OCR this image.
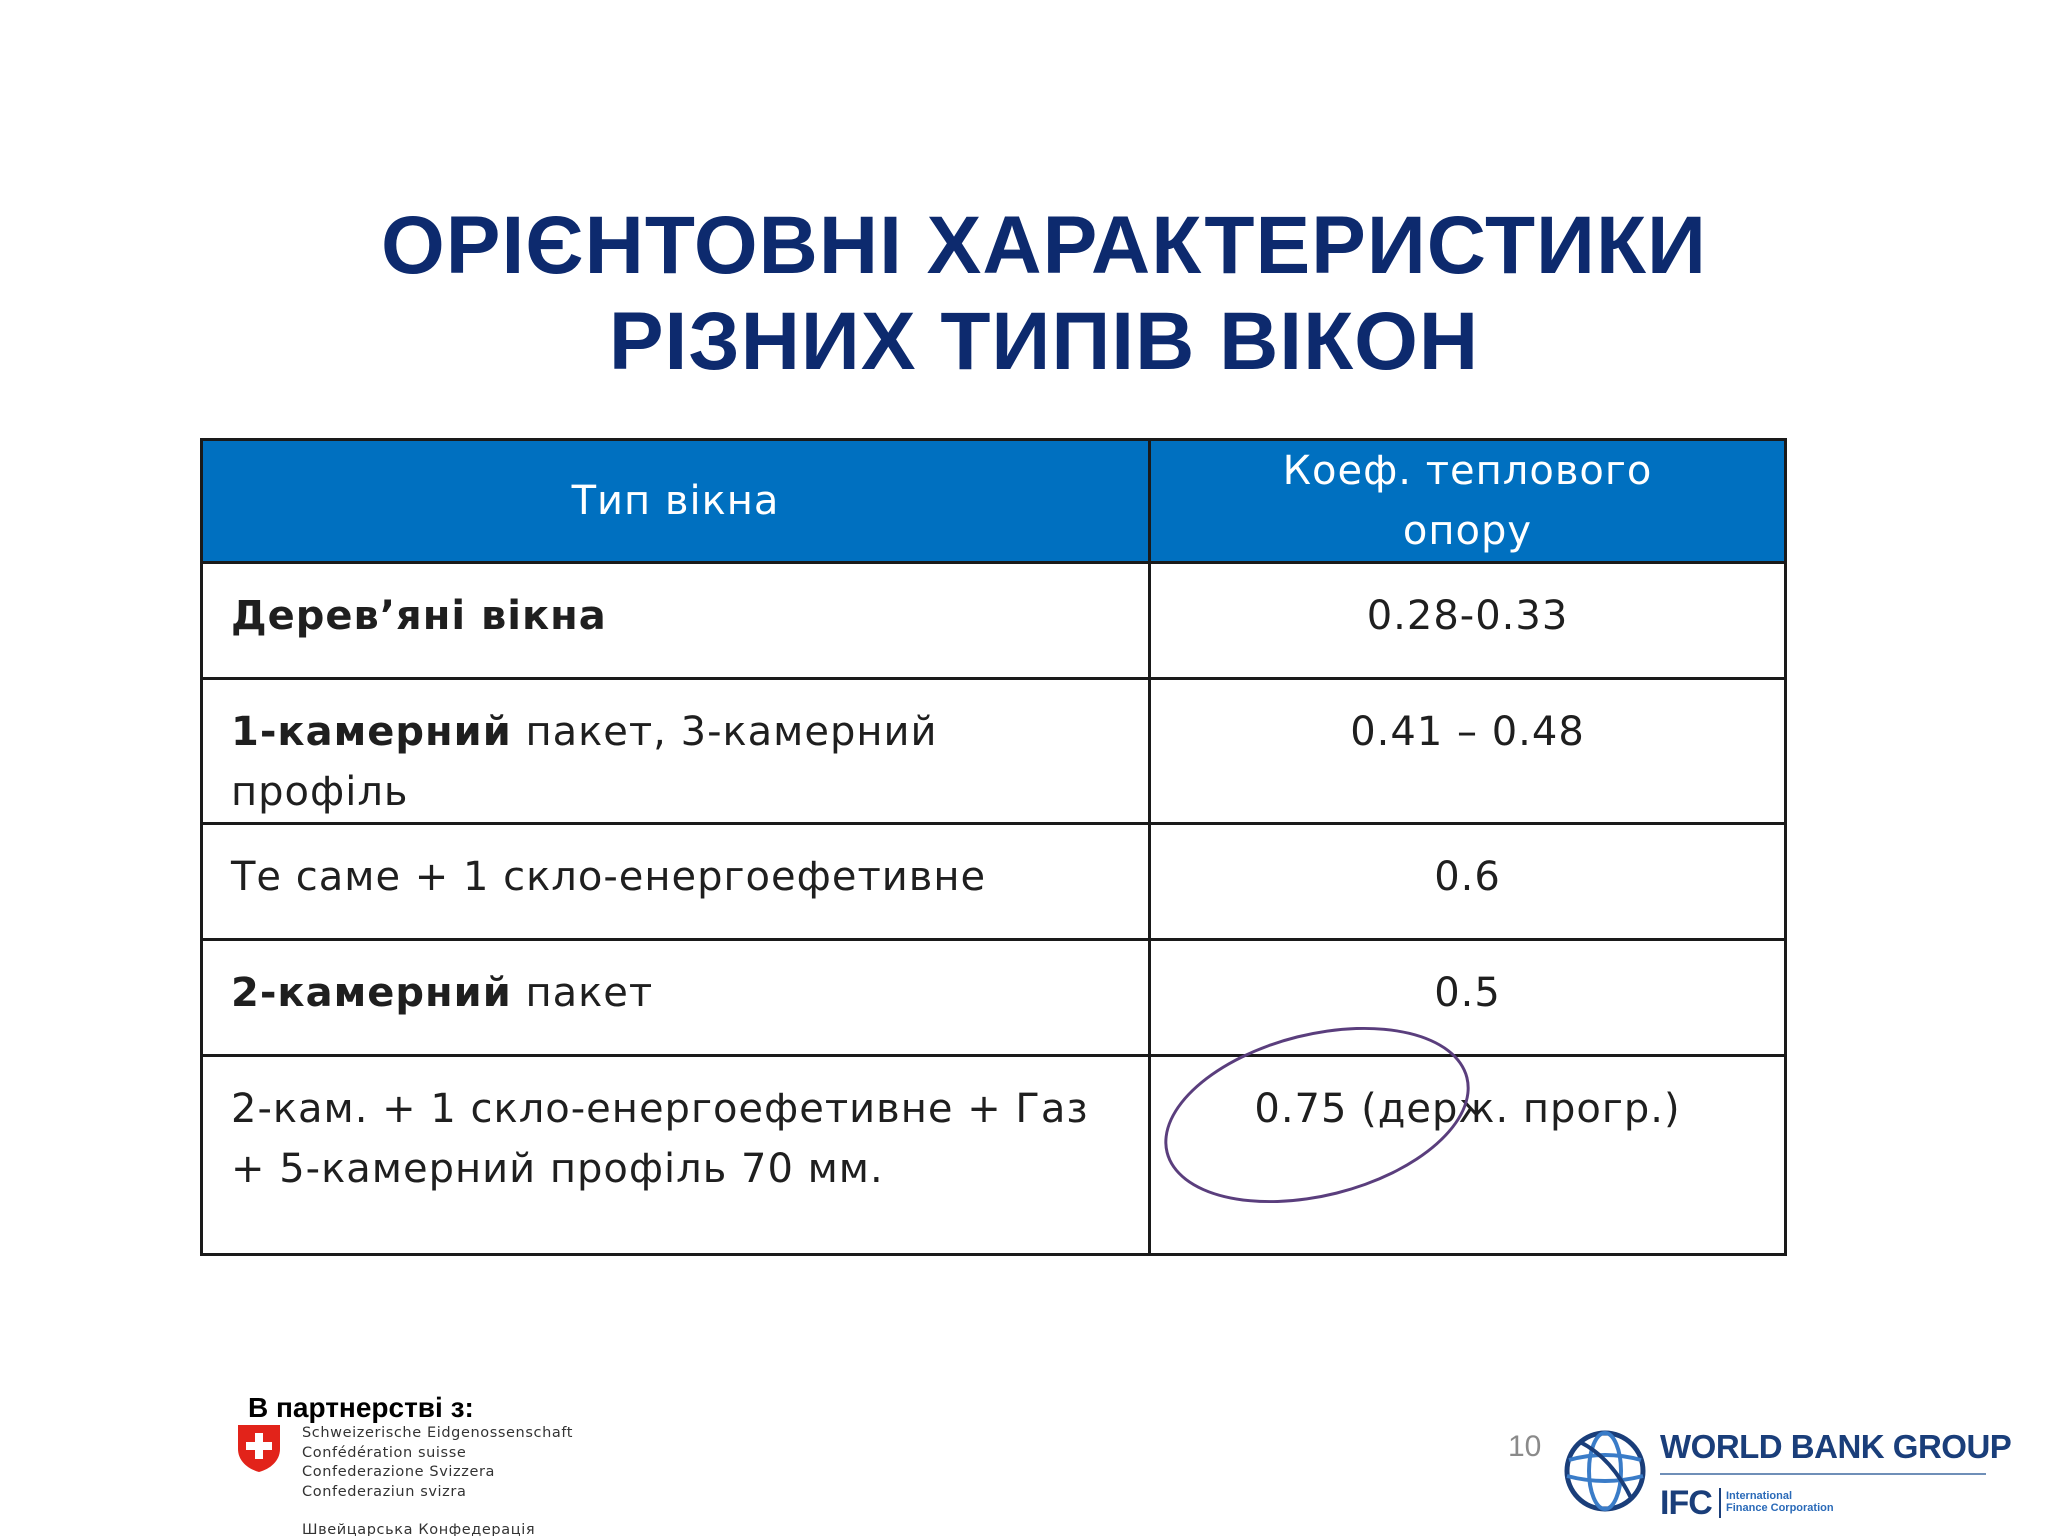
ОРІЄНТОВНІ ХАРАКТЕРИСТИКИ
РІЗНИХ ТИПІВ ВІКОН
Тип вікна	Коеф. теплового
опору
Дерев’яні вікна	0.28-0.33
1-камерний пакет, 3-камерний профіль	0.41 – 0.48
Те саме + 1 скло-енергоефетивне	0.6
2-камерний пакет	0.5
2-кам. + 1 скло-енергоефетивне + Газ + 5-камерний профіль 70 мм.	0.75 (держ. прогр.)
В партнерстві з:
Schweizerische Eidgenossenschaft
Confédération suisse
Confederazione Svizzera
Confederaziun svizra
Швейцарська Конфедерація
10	WORLD BANK GROUP
IFC International
Finance Corporation
